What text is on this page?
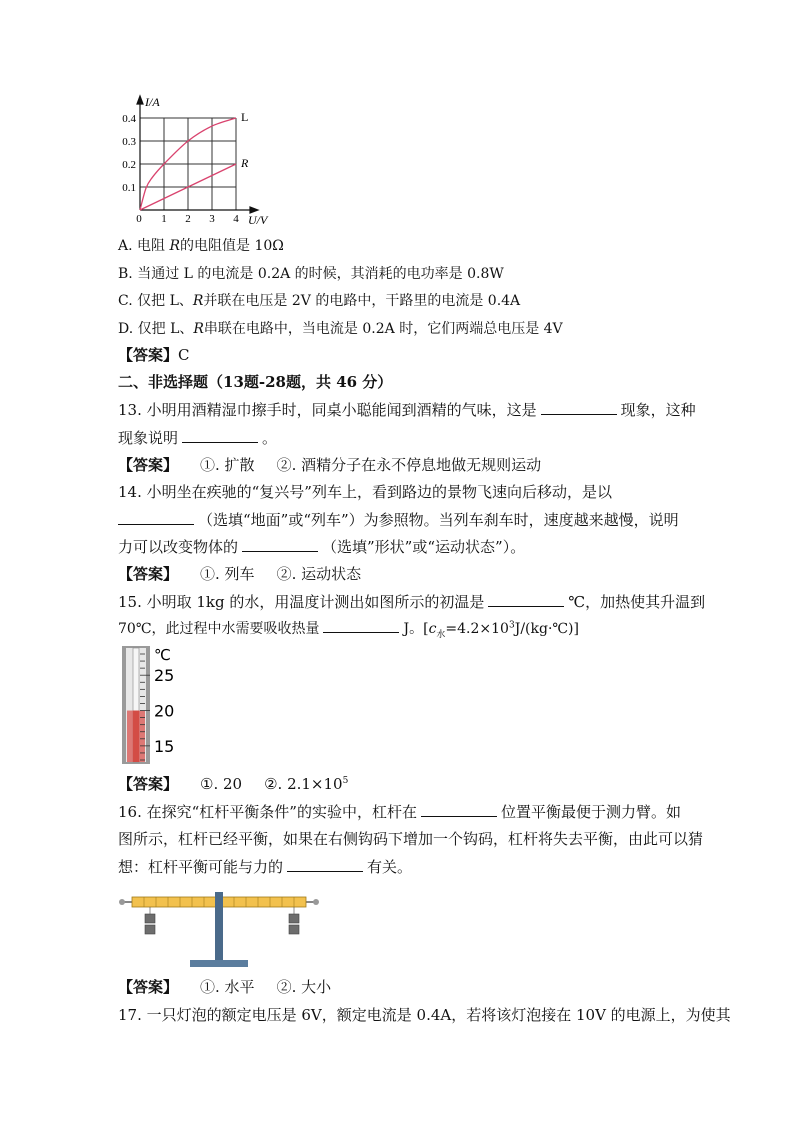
I/A
U/V
0.4
0.3
0.2
0.1
0 1 2 3 4
L
R
A. 电阻 R的电阻值是 10Ω
B. 当通过 L 的电流是 0.2A 的时候，其消耗的电功率是 0.8W
C. 仅把 L、R并联在电压是 2V 的电路中，干路里的电流是 0.4A
D. 仅把 L、R串联在电路中，当电流是 0.2A 时，它们两端总电压是 4V
【答案】C
二、非选择题（13题-28题，共 46 分）
13. 小明用酒精湿巾擦手时，同桌小聪能闻到酒精的气味，这是	现象，这种
现象说明	。
【答案】 ①. 扩散 ②. 酒精分子在永不停息地做无规则运动
14. 小明坐在疾驰的“复兴号”列车上，看到路边的景物飞速向后移动，是以
（选填“地面”或“列车”）为参照物。当列车刹车时，速度越来越慢，说明
力可以改变物体的	（选填”形状”或“运动状态”）。
【答案】 ①. 列车 ②. 运动状态
15. 小明取 1kg 的水，用温度计测出如图所示的初温是	℃，加热使其升温到
70℃，此过程中水需要吸收热量	J。$[c_水=4.2\times 10^3J/(kg\cdot℃)]$
℃
25
20
15
【答案】 ①. 20 ②. $2.1\times 10^5$
16. 在探究“杠杆平衡条件”的实验中，杠杆在	位置平衡最便于测力臂。如
图所示，杠杆已经平衡，如果在右侧钩码下增加一个钩码，杠杆将失去平衡，由此可以猜
想：杠杆平衡可能与力的	有关。
【答案】 ①. 水平 ②. 大小
17. 一只灯泡的额定电压是 6V，额定电流是 0.4A，若将该灯泡接在 10V 的电源上，为使其
